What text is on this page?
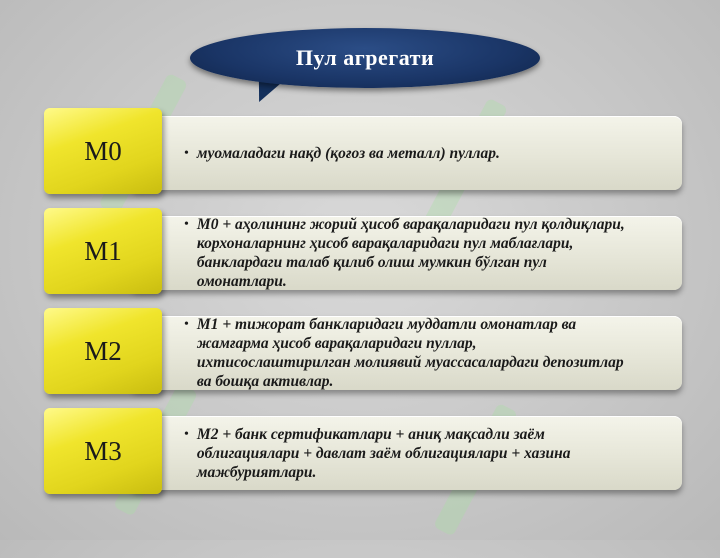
Пул агрегати
M0	• муомаладаги нақд (қоғоз ва металл) пуллар.

M1
• М0 + аҳолининг жорий ҳисоб варақаларидаги пул қолдиқлари, корхоналарнинг ҳисоб варақаларидаги пул маблағлари, банклардаги талаб қилиб олиш мумкин бўлган пул омонатлари.

M2
• М1 + тижорат банкларидаги муддатли омонатлар ва жамғарма ҳисоб варақаларидаги пуллар, ихтисослаштирилган молиявий муассасалардаги депозитлар ва бошқа активлар.

M3
• М2 + банк сертификатлари + аниқ мақсадли заём облигациялари + давлат заём облигациялари + хазина мажбуриятлари.
